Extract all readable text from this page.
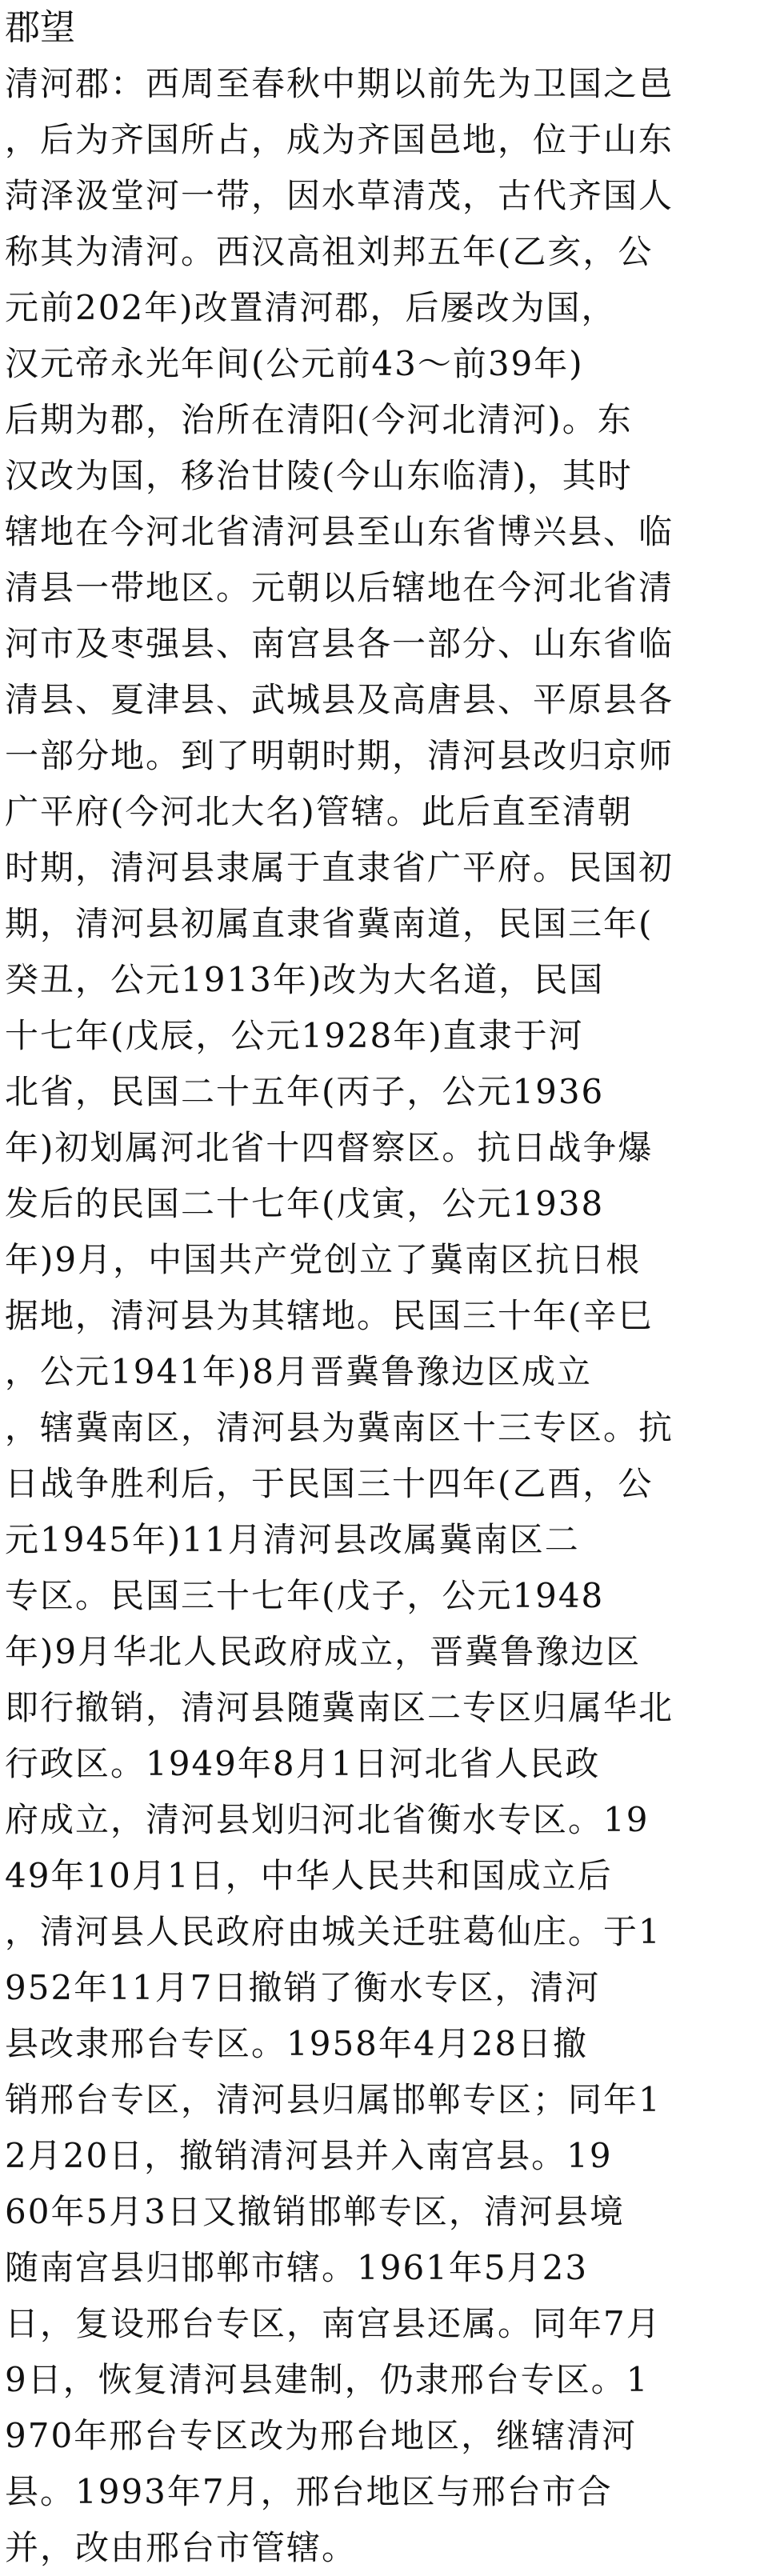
郡望
清河郡：西周至春秋中期以前先为卫国之邑
，后为齐国所占，成为齐国邑地，位于山东
菏泽汲堂河一带，因水草清茂，古代齐国人
称其为清河。西汉高祖刘邦五年(乙亥，公
元前202年)改置清河郡，后屡改为国，
汉元帝永光年间(公元前43～前39年)
后期为郡，治所在清阳(今河北清河)。东
汉改为国，移治甘陵(今山东临清)，其时
辖地在今河北省清河县至山东省博兴县、临
清县一带地区。元朝以后辖地在今河北省清
河市及枣强县、南宫县各一部分、山东省临
清县、夏津县、武城县及高唐县、平原县各
一部分地。到了明朝时期，清河县改归京师
广平府(今河北大名)管辖。此后直至清朝
时期，清河县隶属于直隶省广平府。民国初
期，清河县初属直隶省冀南道，民国三年(
癸丑，公元1913年)改为大名道，民国
十七年(戊辰，公元1928年)直隶于河
北省，民国二十五年(丙子，公元1936
年)初划属河北省十四督察区。抗日战争爆
发后的民国二十七年(戊寅，公元1938
年)9月，中国共产党创立了冀南区抗日根
据地，清河县为其辖地。民国三十年(辛巳
，公元1941年)8月晋冀鲁豫边区成立
，辖冀南区，清河县为冀南区十三专区。抗
日战争胜利后，于民国三十四年(乙酉，公
元1945年)11月清河县改属冀南区二
专区。民国三十七年(戊子，公元1948
年)9月华北人民政府成立，晋冀鲁豫边区
即行撤销，清河县随冀南区二专区归属华北
行政区。1949年8月1日河北省人民政
府成立，清河县划归河北省衡水专区。19
49年10月1日，中华人民共和国成立后
，清河县人民政府由城关迁驻葛仙庄。于1
952年11月7日撤销了衡水专区，清河
县改隶邢台专区。1958年4月28日撤
销邢台专区，清河县归属邯郸专区；同年1
2月20日，撤销清河县并入南宫县。19
60年5月3日又撤销邯郸专区，清河县境
随南宫县归邯郸市辖。1961年5月23
日，复设邢台专区，南宫县还属。同年7月
9日，恢复清河县建制，仍隶邢台专区。1
970年邢台专区改为邢台地区，继辖清河
县。1993年7月，邢台地区与邢台市合
并，改由邢台市管辖。
